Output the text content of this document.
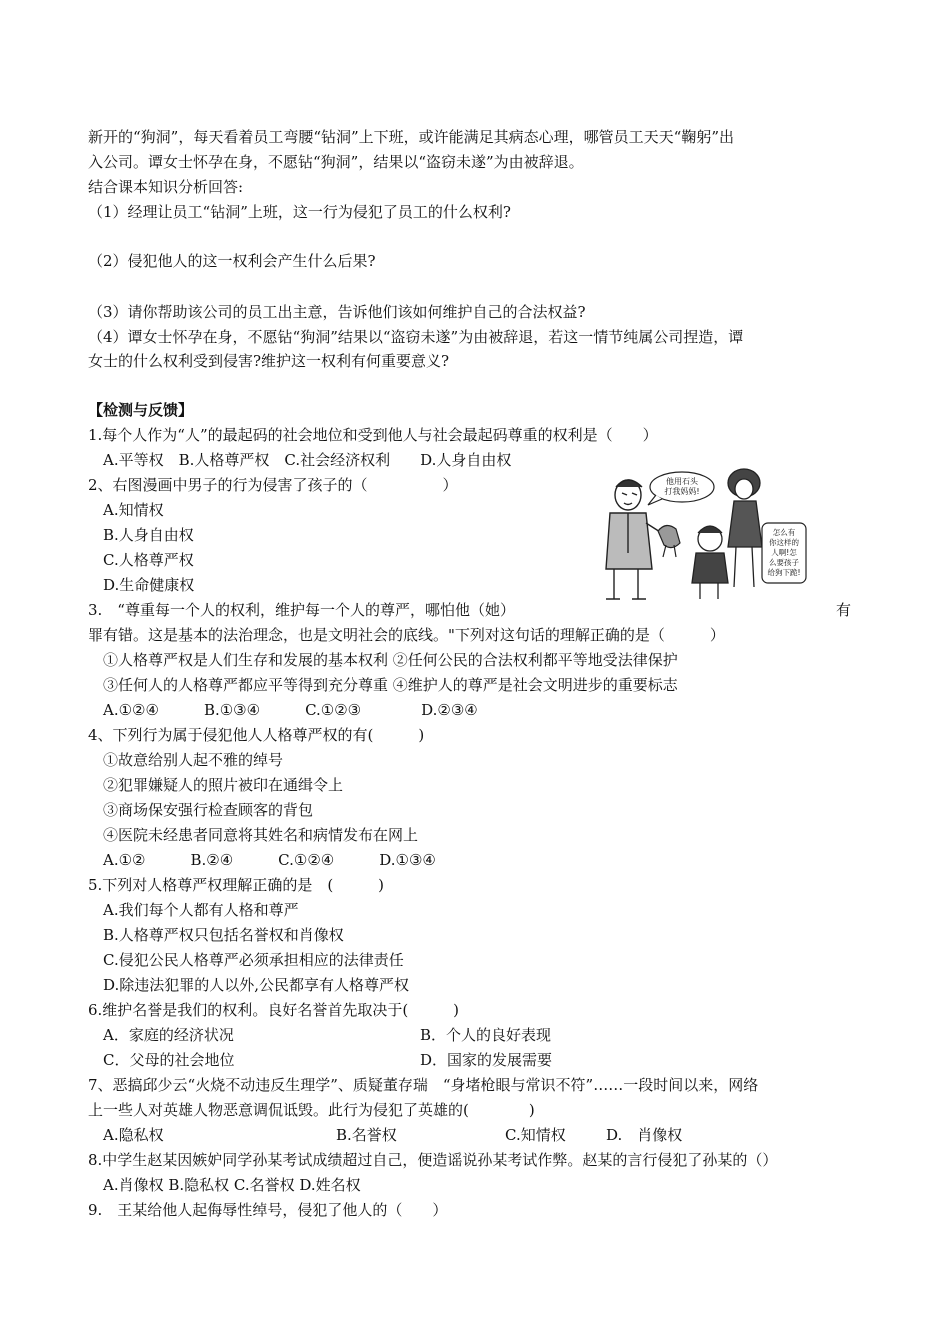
新开的“狗洞”，每天看着员工弯腰“钻洞”上下班，或许能满足其病态心理，哪管员工天天“鞠躬”出
入公司。谭女士怀孕在身，不愿钻“狗洞”，结果以“盗窃未遂”为由被辞退。
结合课本知识分析回答:
（1）经理让员工“钻洞”上班，这一行为侵犯了员工的什么权利?
（2）侵犯他人的这一权利会产生什么后果?
（3）请你帮助该公司的员工出主意，告诉他们该如何维护自己的合法权益?
（4）谭女士怀孕在身，不愿钻“狗洞”结果以“盗窃未遂”为由被辞退，若这一情节纯属公司捏造，谭
女士的什么权利受到侵害?维护这一权利有何重要意义?
【检测与反馈】
1.每个人作为“人”的最起码的社会地位和受到他人与社会最起码尊重的权利是（　　）
A.平等权　B.人格尊严权　C.社会经济权利　　D.人身自由权
2、右图漫画中男子的行为侵害了孩子的（　　　　　）
A.知情权
B.人身自由权
C.人格尊严权
D.生命健康权
他用石头
打我妈妈!
怎么有
你这样的
人啊!怎
么要孩子
给狗下跪!
3.　“尊重每一个人的权利，维护每一个人的尊严，哪怕他（她）	有
罪有错。这是基本的法治理念，也是文明社会的底线。"下列对这句话的理解正确的是（　　　）
①人格尊严权是人们生存和发展的基本权利 ②任何公民的合法权利都平等地受法律保护
③任何人的人格尊严都应平等得到充分尊重 ④维护人的尊严是社会文明进步的重要标志
A.①②④　　　B.①③④　　　C.①②③　　　　D.②③④
4、下列行为属于侵犯他人人格尊严权的有(　　　)
①故意给别人起不雅的绰号
②犯罪嫌疑人的照片被印在通缉令上
③商场保安强行检查顾客的背包
④医院未经患者同意将其姓名和病情发布在网上
A.①②　　　B.②④　　　C.①②④　　　D.①③④
5.下列对人格尊严权理解正确的是　(　　　)
A.我们每个人都有人格和尊严
B.人格尊严权只包括名誉权和肖像权
C.侵犯公民人格尊严必须承担相应的法律责任
D.除违法犯罪的人以外,公民都享有人格尊严权
6.维护名誉是我们的权利。良好名誉首先取决于(　　　)
A．家庭的经济状况	B．个人的良好表现
C．父母的社会地位	D．国家的发展需要
7、恶搞邱少云“火烧不动违反生理学”、质疑董存瑞　“身堵枪眼与常识不符”……一段时间以来，网络
上一些人对英雄人物恶意调侃诋毁。此行为侵犯了英雄的(　　　　)
A.隐私权	B.名誉权	C.知情权	D.　肖像权
8.中学生赵某因嫉妒同学孙某考试成绩超过自己，便造谣说孙某考试作弊。赵某的言行侵犯了孙某的（）
A.肖像权 B.隐私权 C.名誉权 D.姓名权
9.　王某给他人起侮辱性绰号，侵犯了他人的（　　）
